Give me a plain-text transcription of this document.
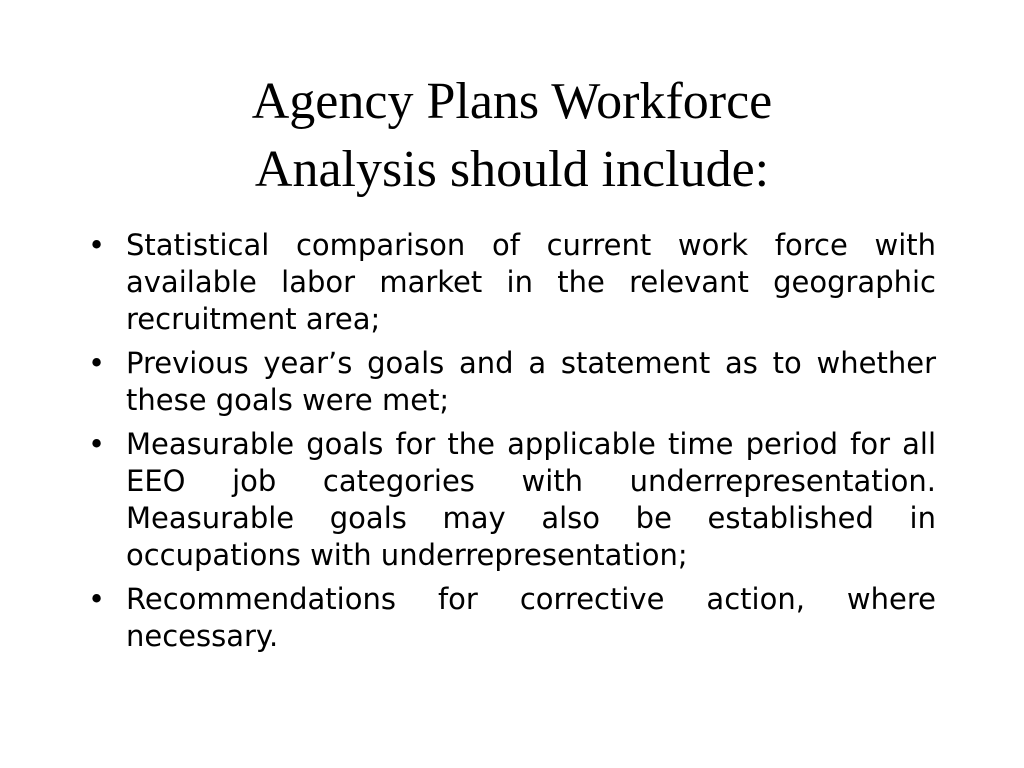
Agency Plans Workforce
Analysis should include:
• Statistical comparison of current work force with available labor market in the relevant geographic recruitment area;
• Previous year’s goals and a statement as to whether these goals were met;
• Measurable goals for the applicable time period for all EEO job categories with underrepresentation. Measurable goals may also be established in occupations with underrepresentation;
• Recommendations for corrective action, where necessary.
